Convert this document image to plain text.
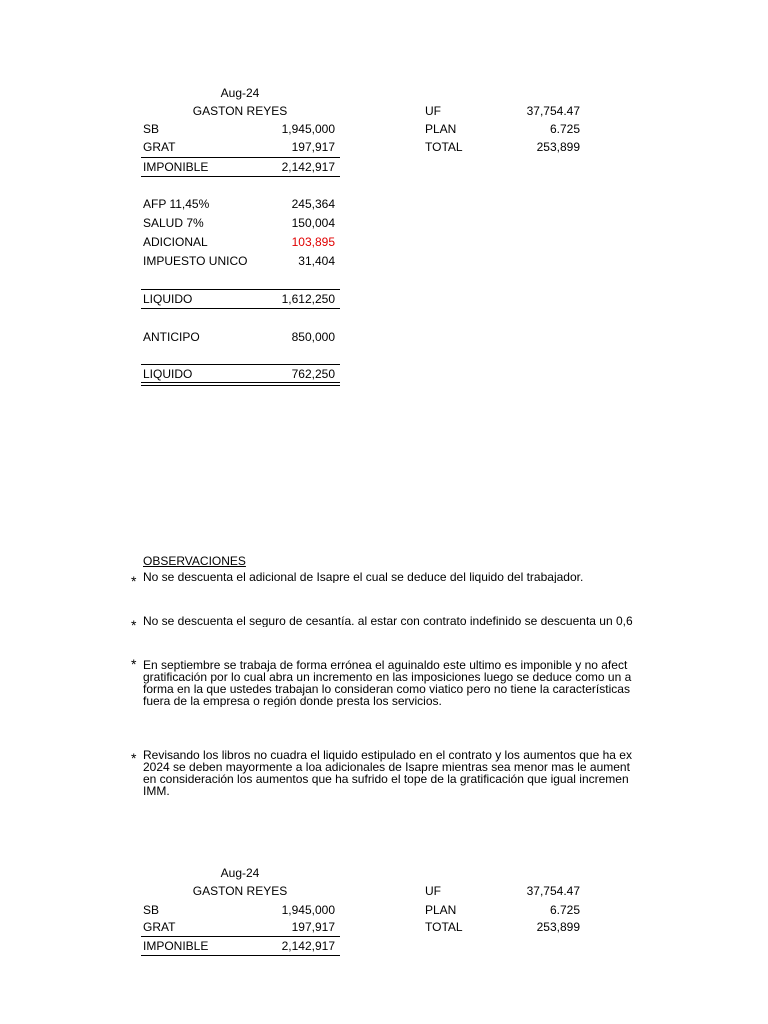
Aug-24
GASTON REYES
SB	1,945,000
GRAT	197,917
IMPONIBLE	2,142,917
UF	37,754.47
PLAN	6.725
TOTAL	253,899
AFP 11,45%	245,364
SALUD 7%	150,004
ADICIONAL	103,895
IMPUESTO UNICO	31,404
LIQUIDO	1,612,250
ANTICIPO	850,000
LIQUIDO	762,250
OBSERVACIONES
* No se descuenta el adicional de Isapre el cual se deduce del liquido del trabajador.
* No se descuenta el seguro de cesantía. al estar con contrato indefinido se descuenta un 0,6
* En septiembre se trabaja de forma errónea el aguinaldo este ultimo es imponible y no afect
gratificación por lo cual abra un incremento en las imposiciones luego se deduce como un a
forma en la que ustedes trabajan lo consideran como viatico pero no tiene la características
fuera de la empresa o región donde presta los servicios.
* Revisando los libros no cuadra el liquido estipulado en el contrato y los aumentos que ha ex
2024 se deben mayormente a loa adicionales de Isapre mientras sea menor mas le aument
en consideración los aumentos que ha sufrido el tope de la gratificación que igual incremen
IMM.
Aug-24
GASTON REYES
SB	1,945,000
GRAT	197,917
IMPONIBLE	2,142,917
UF	37,754.47
PLAN	6.725
TOTAL	253,899
